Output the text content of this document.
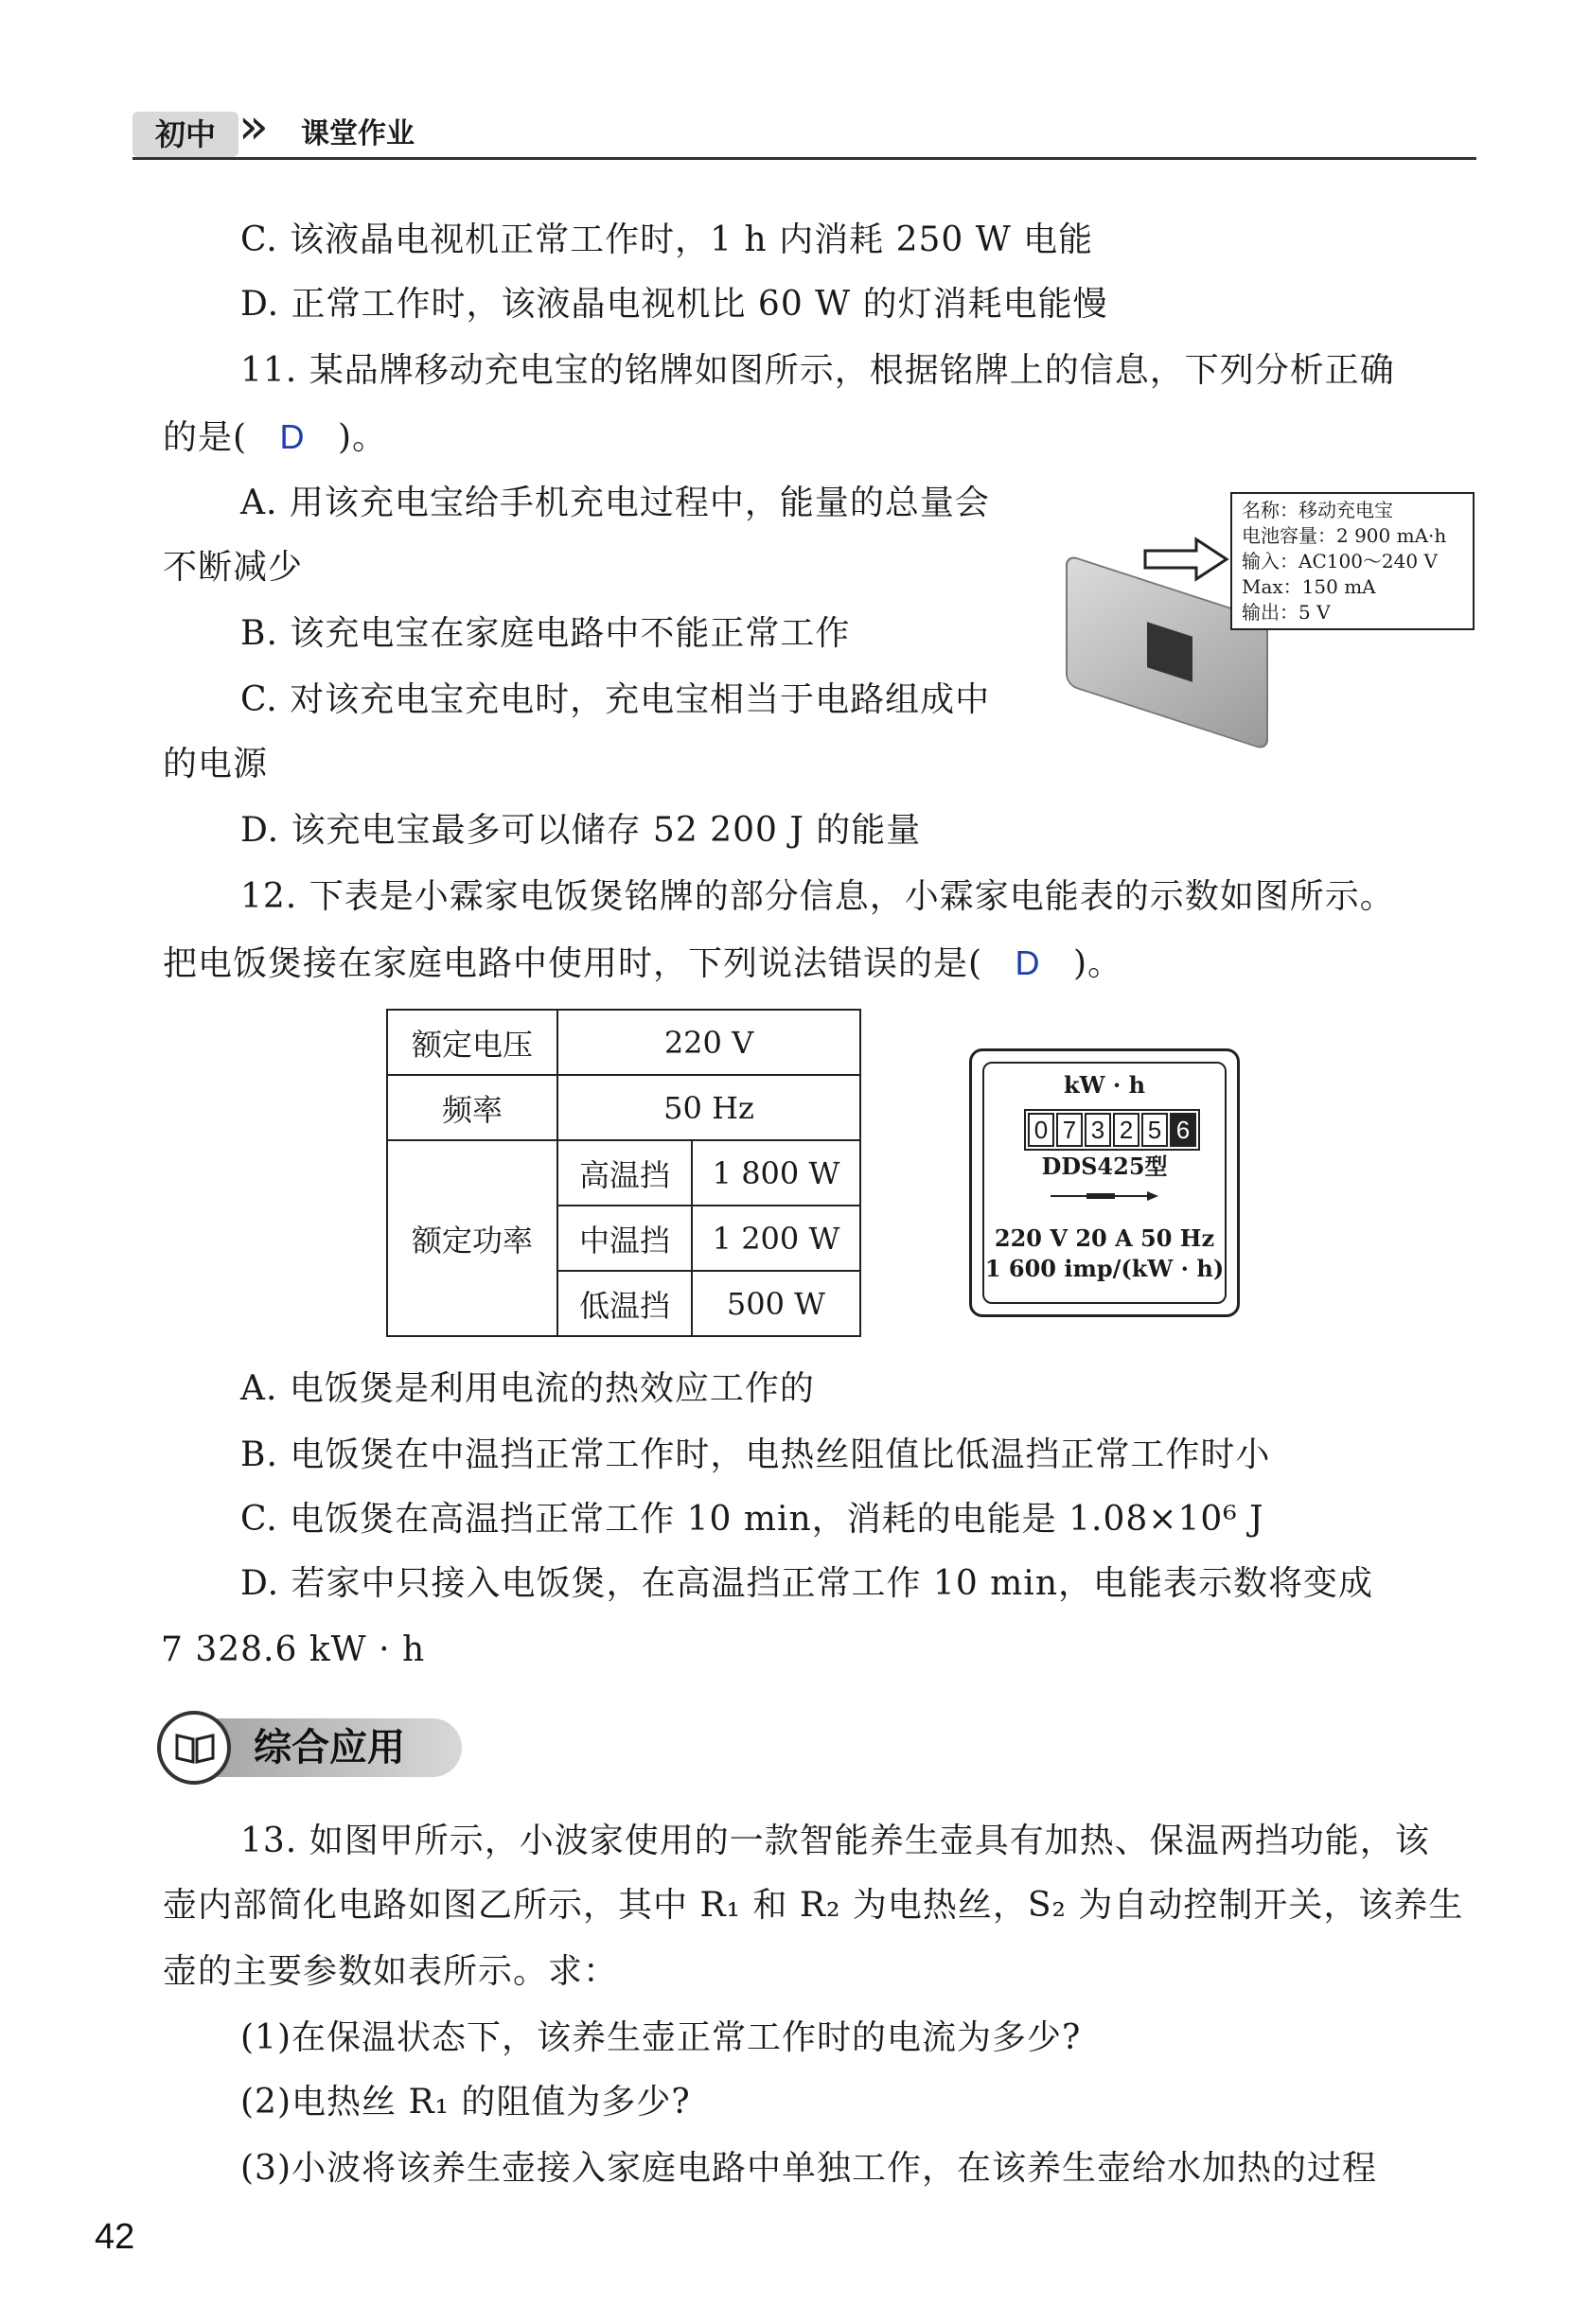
初中 » 课堂作业
C. 该液晶电视机正常工作时，1 h 内消耗 250 W 电能
D. 正常工作时，该液晶电视机比 60 W 的灯消耗电能慢
11. 某品牌移动充电宝的铭牌如图所示，根据铭牌上的信息，下列分析正确
的是( D )。
A. 用该充电宝给手机充电过程中，能量的总量会
不断减少
B. 该充电宝在家庭电路中不能正常工作
C. 对该充电宝充电时，充电宝相当于电路组成中
的电源
D. 该充电宝最多可以储存 52 200 J 的能量
名称：移动充电宝
电池容量：2 900 mA·h
输入：AC100～240 V
Max：150 mA
输出：5 V
12. 下表是小霖家电饭煲铭牌的部分信息，小霖家电能表的示数如图所示。
把电饭煲接在家庭电路中使用时，下列说法错误的是( D )。
额定电压	220 V	
频率	50 Hz	
额定功率	高温挡	1 800 W
	中温挡	1 200 W
	低温挡	500 W
kW · h
0 7 3 2 5 6
DDS425型
220 V 20 A 50 Hz
1 600 imp/(kW · h)
A. 电饭煲是利用电流的热效应工作的
B. 电饭煲在中温挡正常工作时，电热丝阻值比低温挡正常工作时小
C. 电饭煲在高温挡正常工作 10 min，消耗的电能是 1.08×10⁶ J
D. 若家中只接入电饭煲，在高温挡正常工作 10 min，电能表示数将变成
7 328.6 kW · h
综合应用
13. 如图甲所示，小波家使用的一款智能养生壶具有加热、保温两挡功能，该
壶内部简化电路如图乙所示，其中 R₁ 和 R₂ 为电热丝，S₂ 为自动控制开关，该养生
壶的主要参数如表所示。求：
(1)在保温状态下，该养生壶正常工作时的电流为多少?
(2)电热丝 R₁ 的阻值为多少?
(3)小波将该养生壶接入家庭电路中单独工作，在该养生壶给水加热的过程
42
